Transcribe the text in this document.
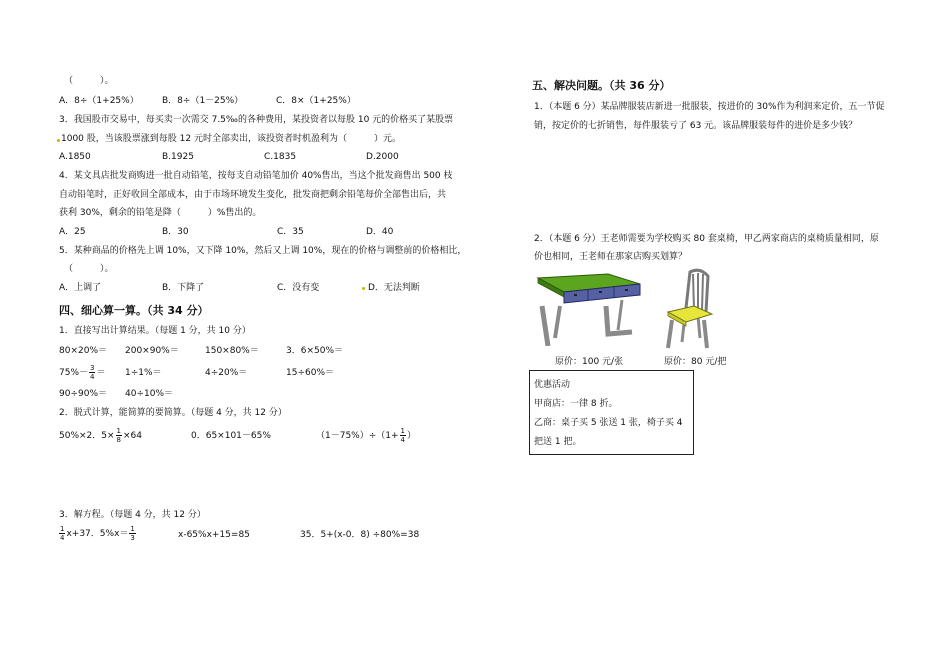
（　　　）。
A．8÷（1+25%）	B．8÷（1－25%）	C．8×（1+25%）
3．我国股市交易中，每买卖一次需交 7.5‰的各种费用，某投资者以每股 10 元的价格买了某股票
1000 股，当该股票涨到每股 12 元时全部卖出，该投资者时机盈利为（　　　）元。
A.1850	B.1925	C.1835	D.2000
4．某文具店批发商购进一批自动铅笔，按每支自动铅笔加价 40%售出，当这个批发商售出 500 枝
自动铅笔时，正好收回全部成本，由于市场环境发生变化，批发商把剩余铅笔每价全部售出后，共
获利 30%，剩余的铅笔是降（　　　）%售出的。
A．25	B．30	C．35	D．40
5．某种商品的价格先上调 10%，又下降 10%，然后又上调 10%，现在的价格与调整前的价格相比，
（　　　）。
A．上调了	B．下降了	C．没有变	D．无法判断
四、细心算一算。（共 34 分）
1．直接写出计算结果。（每题 1 分，共 10 分）
80×20%＝ 200×90%＝	150×80%＝	3．6×50%＝
$75\%- \frac{3}{4} = 1\div 1\%=$	4÷20%＝	15÷60%＝
90÷90%＝ 40÷10%＝
2．脱式计算，能简算的要简算。（每题 4 分，共 12 分）
50%×2．$5\times \frac{1}{8} \times 64$	0．65×101－65%	$(1-75\%)\div(1+ \frac{1}{4}$ ）
3．解方程。（每题 4 分，共 12 分）
$\frac{1}{4} x+37$．$5\%x= \frac{1}{3}$	x-65%x+15=85	35．5+(x-0．8) ÷80%=38
五、解决问题。（共 36 分）
1．（本题 6 分）某品牌服装店新进一批服装，按进价的 30%作为利润来定价，五一节促
销，按定价的七折销售，每件服装亏了 63 元。该品牌服装每件的进价是多少钱？
2．（本题 6 分）王老师需要为学校购买 80 套桌椅，甲乙两家商店的桌椅质量相同，原
价也相同，王老师在那家店购买划算？
原价：100 元/张	原价：80 元/把
优惠活动
甲商店：一律 8 折。
乙商：桌子买 5 张送 1 张，椅子买 4
把送 1 把。
